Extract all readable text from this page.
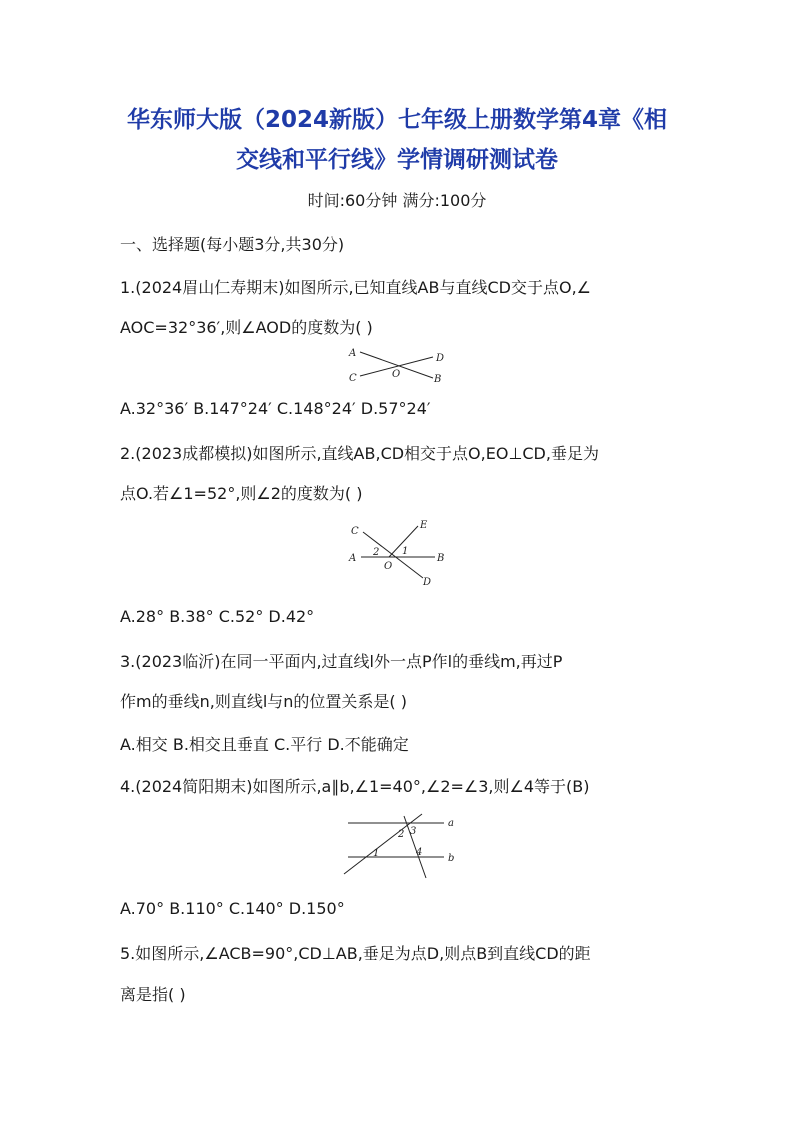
华东师大版（2024新版）七年级上册数学第4章《相
交线和平行线》学情调研测试卷
时间:60分钟 满分:100分
一、选择题(每小题3分,共30分)
1.(2024眉山仁寿期末)如图所示,已知直线AB与直线CD交于点O,∠
AOC=32°36′,则∠AOD的度数为( )
A
C	O
D
B
A.32°36′ B.147°24′ C.148°24′ D.57°24′
2.(2023成都模拟)如图所示,直线AB,CD相交于点O,EO⊥CD,垂足为
点O.若∠1=52°,则∠2的度数为( )
C
E
A
2 1
O
B
D
A.28° B.38° C.52° D.42°
3.(2023临沂)在同一平面内,过直线l外一点P作l的垂线m,再过P
作m的垂线n,则直线l与n的位置关系是( )
A.相交 B.相交且垂直 C.平行 D.不能确定
4.(2024简阳期末)如图所示,a∥b,∠1=40°,∠2=∠3,则∠4等于(B)
a
b
1
2 3
4
A.70° B.110° C.140° D.150°
5.如图所示,∠ACB=90°,CD⊥AB,垂足为点D,则点B到直线CD的距
离是指( )
